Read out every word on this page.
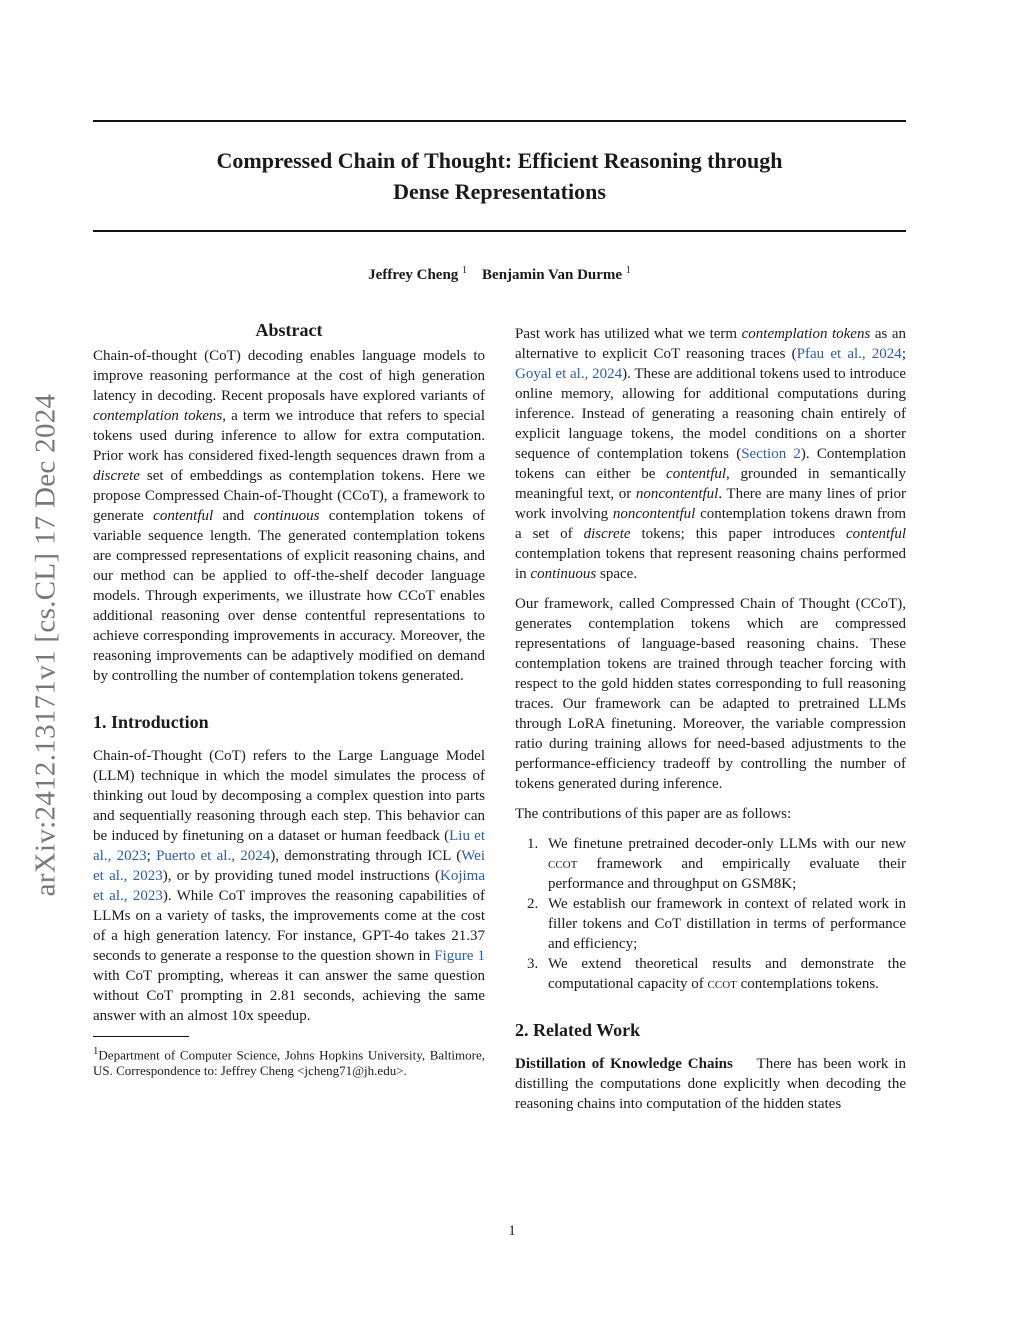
Compressed Chain of Thought: Efficient Reasoning through
Dense Representations
Jeffrey Cheng $^1$ Benjamin Van Durme $^1$
arXiv:2412.13171v1 [cs.CL] 17 Dec 2024
Abstract

Chain-of-thought (CoT) decoding enables language models to improve reasoning performance at the cost of high generation latency in decoding. Recent proposals have explored variants of contemplation tokens, a term we introduce that refers to special tokens used during inference to allow for extra computation. Prior work has considered fixed-length sequences drawn from a discrete set of embeddings as contemplation tokens. Here we propose Compressed Chain-of-Thought (CCoT), a framework to generate contentful and continuous contemplation tokens of variable sequence length. The generated contemplation tokens are compressed representations of explicit reasoning chains, and our method can be applied to off-the-shelf decoder language models. Through experiments, we illustrate how CCoT enables additional reasoning over dense contentful representations to achieve corresponding improvements in accuracy. Moreover, the reasoning improvements can be adaptively modified on demand by controlling the number of contemplation tokens generated.

1. Introduction

Chain-of-Thought (CoT) refers to the Large Language Model (LLM) technique in which the model simulates the process of thinking out loud by decomposing a complex question into parts and sequentially reasoning through each step. This behavior can be induced by finetuning on a dataset or human feedback (Liu et al., 2023; Puerto et al., 2024), demonstrating through ICL (Wei et al., 2023), or by providing tuned model instructions (Kojima et al., 2023). While CoT improves the reasoning capabilities of LLMs on a variety of tasks, the improvements come at the cost of a high generation latency. For instance, GPT-4o takes 21.37 seconds to generate a response to the question shown in Figure 1 with CoT prompting, whereas it can answer the same question without CoT prompting in 2.81 seconds, achieving the same answer with an almost 10x speedup.

$^1$Department of Computer Science, Johns Hopkins University, Baltimore, US. Correspondence to: Jeffrey Cheng <jcheng71@jh.edu>.

Past work has utilized what we term contemplation tokens as an alternative to explicit CoT reasoning traces (Pfau et al., 2024; Goyal et al., 2024). These are additional tokens used to introduce online memory, allowing for additional computations during inference. Instead of generating a reasoning chain entirely of explicit language tokens, the model conditions on a shorter sequence of contemplation tokens (Section 2). Contemplation tokens can either be contentful, grounded in semantically meaningful text, or noncontentful. There are many lines of prior work involving noncontentful contemplation tokens drawn from a set of discrete tokens; this paper introduces contentful contemplation tokens that represent reasoning chains performed in continuous space.

Our framework, called Compressed Chain of Thought (CCoT), generates contemplation tokens which are compressed representations of language-based reasoning chains. These contemplation tokens are trained through teacher forcing with respect to the gold hidden states corresponding to full reasoning traces. Our framework can be adapted to pretrained LLMs through LoRA finetuning. Moreover, the variable compression ratio during training allows for need-based adjustments to the performance-efficiency tradeoff by controlling the number of tokens generated during inference.

The contributions of this paper are as follows:

1. We finetune pretrained decoder-only LLMs with our new ccot framework and empirically evaluate their performance and throughput on GSM8K;
2. We establish our framework in context of related work in filler tokens and CoT distillation in terms of performance and efficiency;
3. We extend theoretical results and demonstrate the computational capacity of ccot contemplations tokens.
2. Related Work

Distillation of Knowledge Chains There has been work in distilling the computations done explicitly when decoding the reasoning chains into computation of the hidden states

1
